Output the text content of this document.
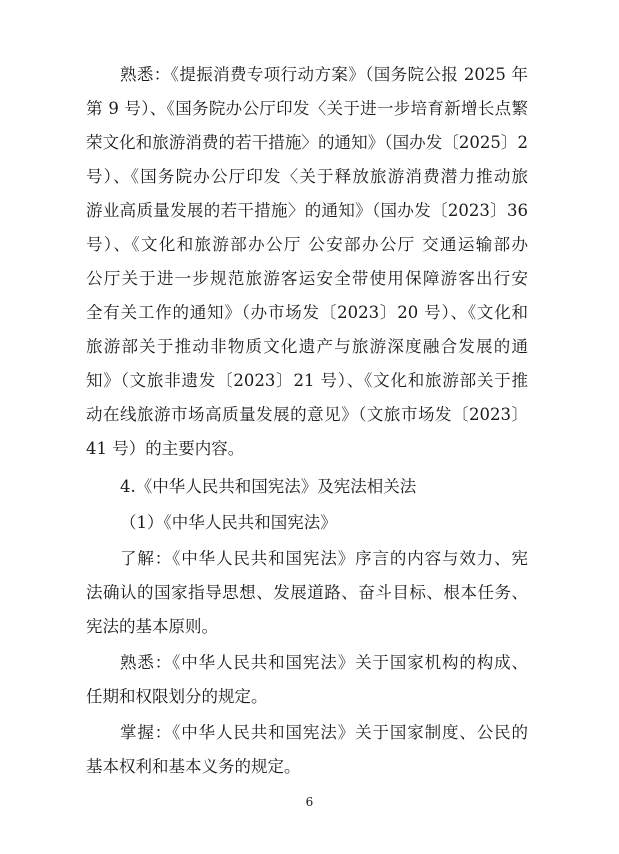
熟悉：《提振消费专项行动方案》（国务院公报 2025 年
第 9 号）、《国务院办公厅印发〈关于进一步培育新增长点繁
荣文化和旅游消费的若干措施〉的通知》（国办发〔2025〕2
号）、《国务院办公厅印发〈关于释放旅游消费潜力推动旅
游业高质量发展的若干措施〉的通知》（国办发〔2023〕36
号）、《文化和旅游部办公厅 公安部办公厅 交通运输部办
公厅关于进一步规范旅游客运安全带使用保障游客出行安
全有关工作的通知》（办市场发〔2023〕20 号）、《文化和
旅游部关于推动非物质文化遗产与旅游深度融合发展的通
知》（文旅非遗发〔2023〕21 号）、《文化和旅游部关于推
动在线旅游市场高质量发展的意见》（文旅市场发〔2023〕
41 号）的主要内容。
4.《中华人民共和国宪法》及宪法相关法
（1）《中华人民共和国宪法》
了解：《中华人民共和国宪法》序言的内容与效力、宪
法确认的国家指导思想、发展道路、奋斗目标、根本任务、
宪法的基本原则。
熟悉：《中华人民共和国宪法》关于国家机构的构成、
任期和权限划分的规定。
掌握：《中华人民共和国宪法》关于国家制度、公民的
基本权利和基本义务的规定。
6
